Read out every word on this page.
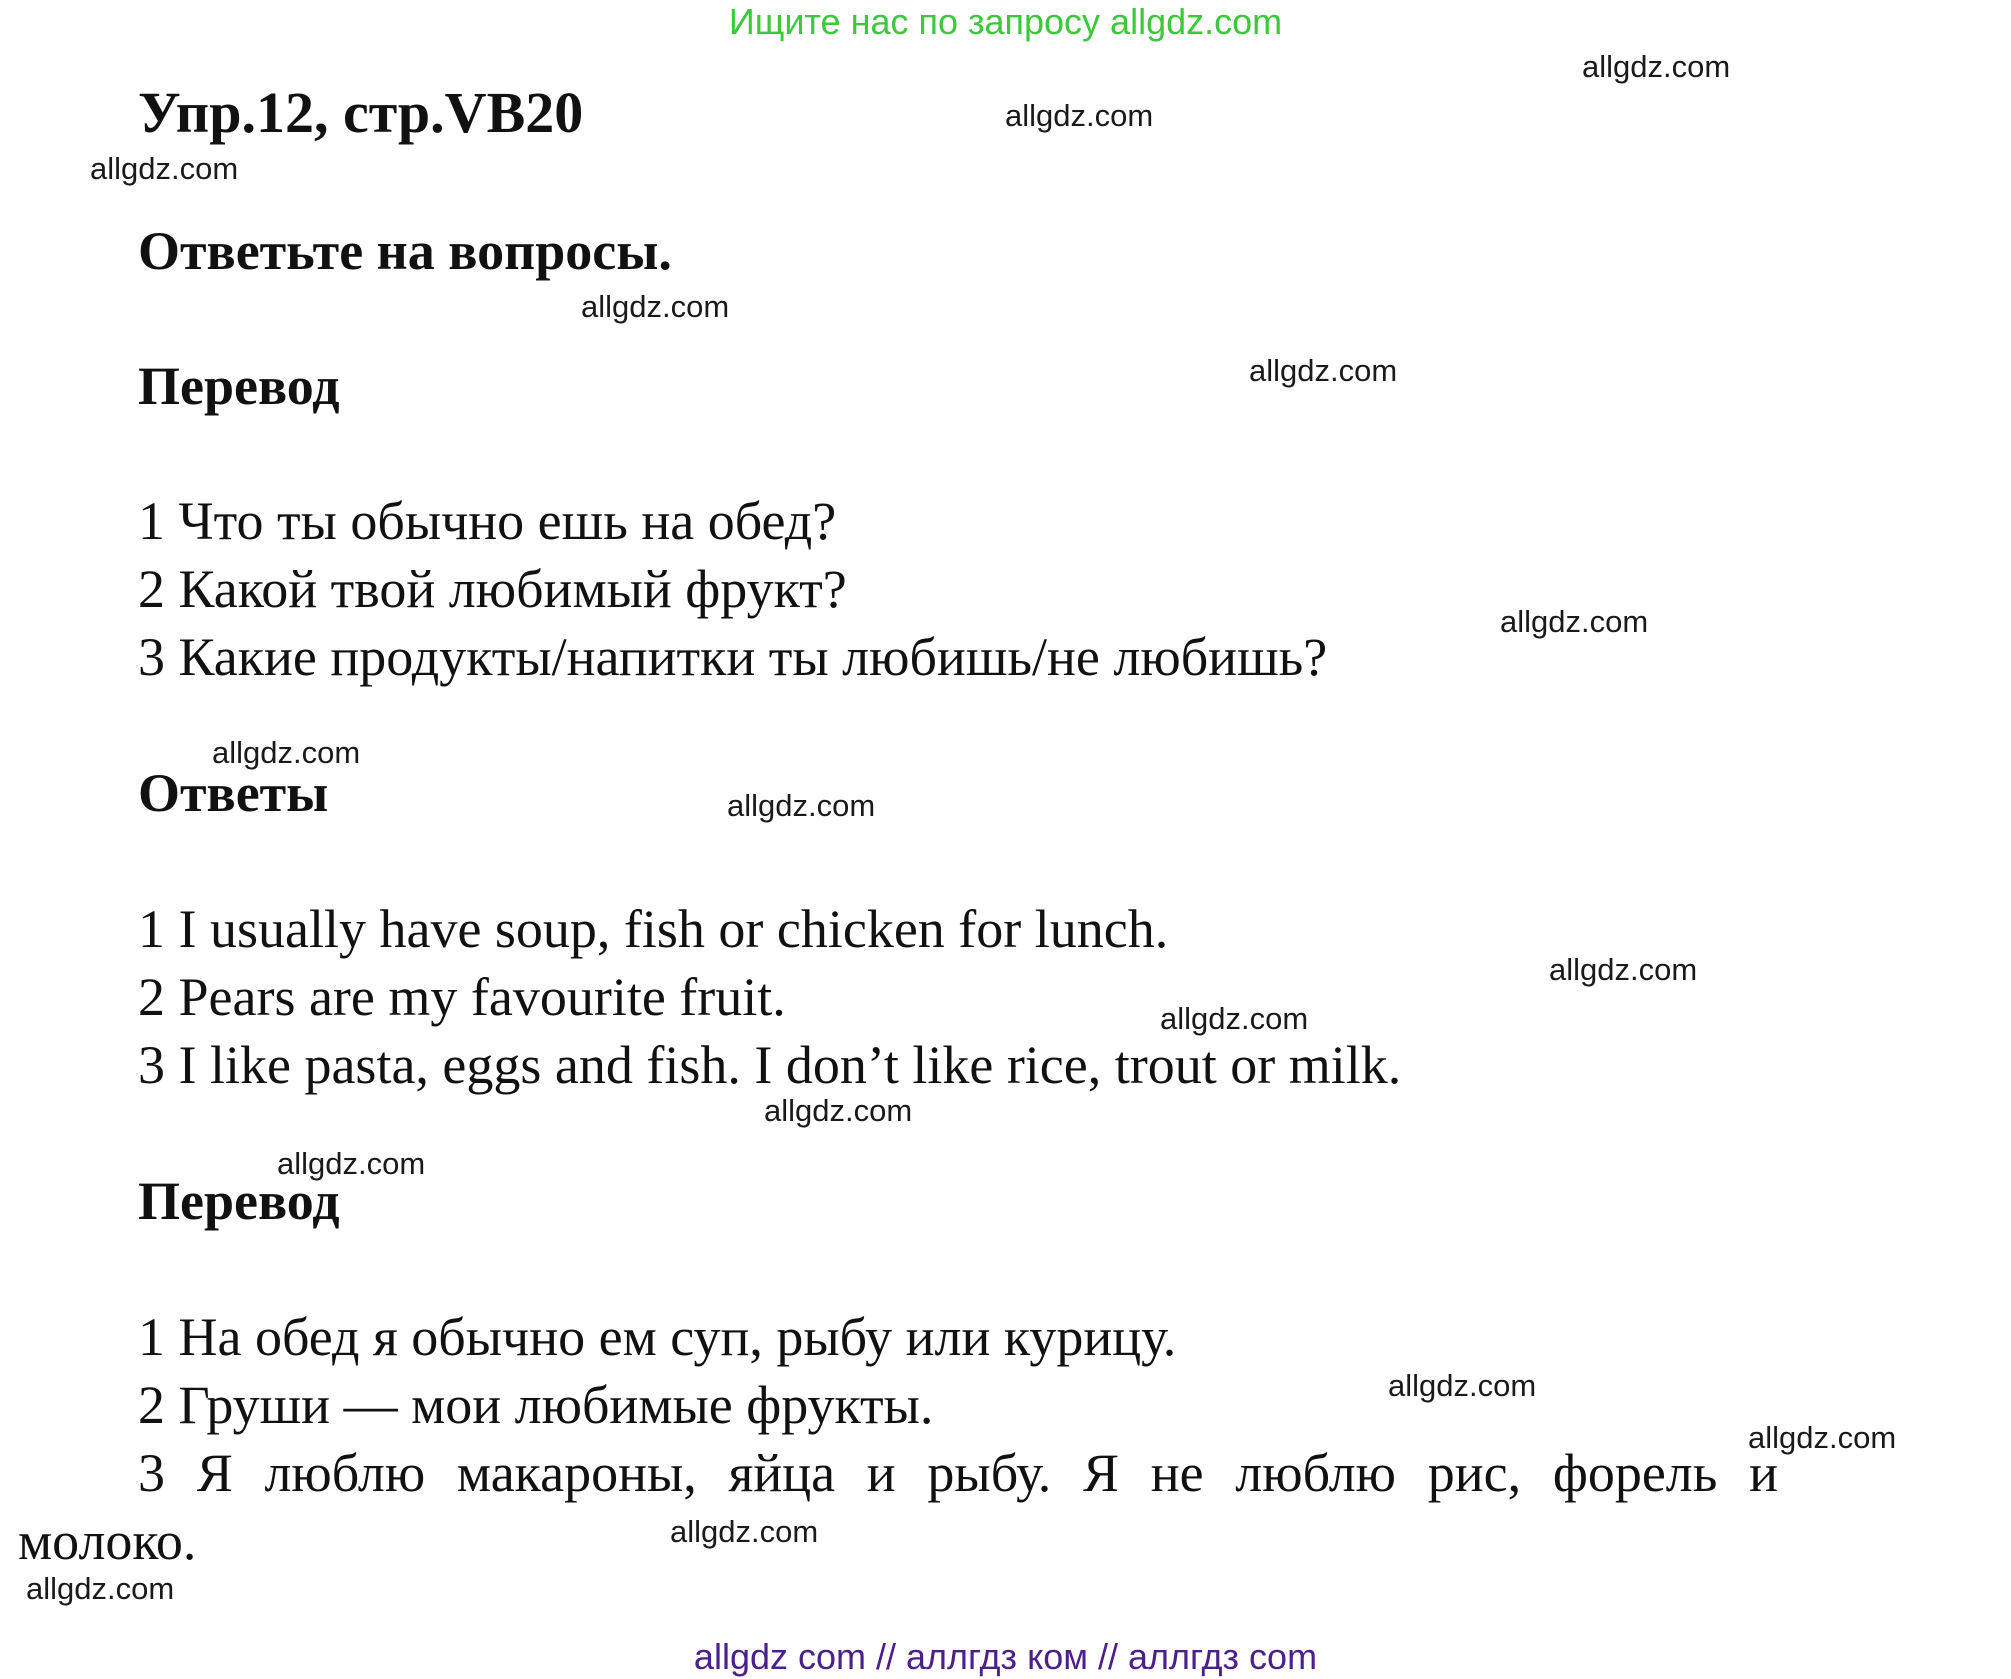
Ищите нас по запросу allgdz.com
allgdz.com
allgdz.com
allgdz.com
allgdz.com
allgdz.com
allgdz.com
allgdz.com
allgdz.com
allgdz.com
allgdz.com
allgdz.com
allgdz.com
allgdz.com
allgdz.com
allgdz.com
allgdz.com
Упр.12, стр.VB20
Ответьте на вопросы.
Перевод
1 Что ты обычно ешь на обед?
2 Какой твой любимый фрукт?
3 Какие продукты/напитки ты любишь/не любишь?
Ответы
1 I usually have soup, fish or chicken for lunch.
2 Pears are my favourite fruit.
3 I like pasta, eggs and fish. I don’t like rice, trout or milk.
Перевод
1 На обед я обычно ем суп, рыбу или курицу.
2 Груши — мои любимые фрукты.
3 Я люблю макароны, яйца и рыбу. Я не люблю рис, форель и
молоко.
allgdz com // аллгдз ком // аллгдз com
